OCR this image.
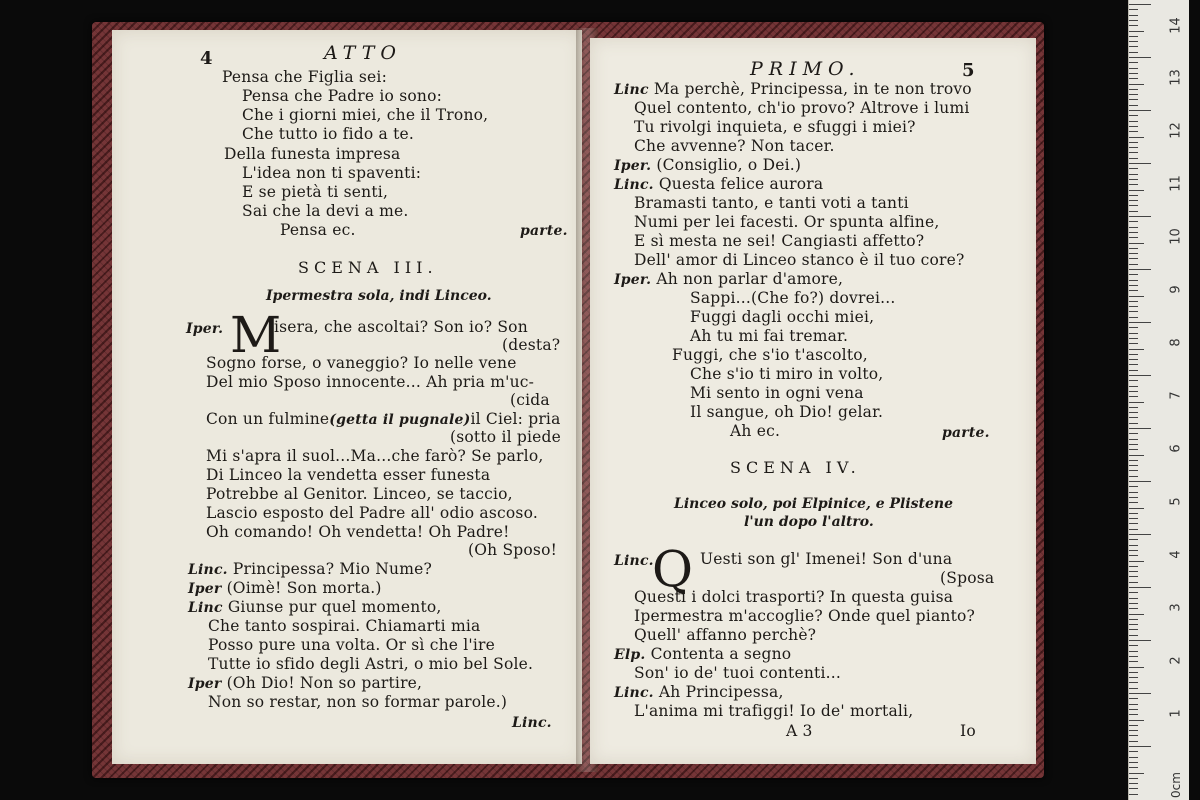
4	ATTO
Pensa che Figlia sei:
Pensa che Padre io sono:
Che i giorni miei, che il Trono,
Che tutto io fido a te.
Della funesta impresa
L'idea non ti spaventi:
E se pietà ti senti,
Sai che la devi a me.
Pensa ec.	parte.
SCENA III.
Ipermestra sola, indi Linceo.
Iper. M
isera, che ascoltai? Son io? Son
(desta?
Sogno forse, o vaneggio? Io nelle vene
Del mio Sposo innocente... Ah pria m'uc-
(cida
Con un fulmine(getta il pugnale)il Ciel: pria
(sotto il piede
Mi s'apra il suol...Ma...che farò? Se parlo,
Di Linceo la vendetta esser funesta
Potrebbe al Genitor. Linceo, se taccio,
Lascio esposto del Padre all' odio ascoso.
Oh comando! Oh vendetta! Oh Padre!
(Oh Sposo!
Linc. Principessa? Mio Nume?
Iper (Oimè! Son morta.)
Linc Giunse pur quel momento,
Che tanto sospirai. Chiamarti mia
Posso pure una volta. Or sì che l'ire
Tutte io sfido degli Astri, o mio bel Sole.
Iper (Oh Dio! Non so partire,
Non so restar, non so formar parole.)
Linc.
PRIMO.	5
Linc Ma perchè, Principessa, in te non trovo
Quel contento, ch'io provo? Altrove i lumi
Tu rivolgi inquieta, e sfuggi i miei?
Che avvenne? Non tacer.
Iper. (Consiglio, o Dei.)
Linc. Questa felice aurora
Bramasti tanto, e tanti voti a tanti
Numi per lei facesti. Or spunta alfine,
E sì mesta ne sei! Cangiasti affetto?
Dell' amor di Linceo stanco è il tuo core?
Iper. Ah non parlar d'amore,
Sappi...(Che fo?) dovrei...
Fuggi dagli occhi miei,
Ah tu mi fai tremar.
Fuggi, che s'io t'ascolto,
Che s'io ti miro in volto,
Mi sento in ogni vena
Il sangue, oh Dio! gelar.
Ah ec.	parte.
SCENA IV.
Linceo solo, poi Elpinice, e Plistene
l'un dopo l'altro.
Linc.
Q Uesti son gl' Imenei! Son d'una
(Sposa
Questi i dolci trasporti? In questa guisa
Ipermestra m'accoglie? Onde quel pianto?
Quell' affanno perchè?
Elp. Contenta a segno
Son' io de' tuoi contenti...
Linc. Ah Principessa,
L'anima mi trafiggi! Io de' mortali,
A 3	Io
14
13
12
11
10
9
8
7
6
5
4
3
2
1
0cm
